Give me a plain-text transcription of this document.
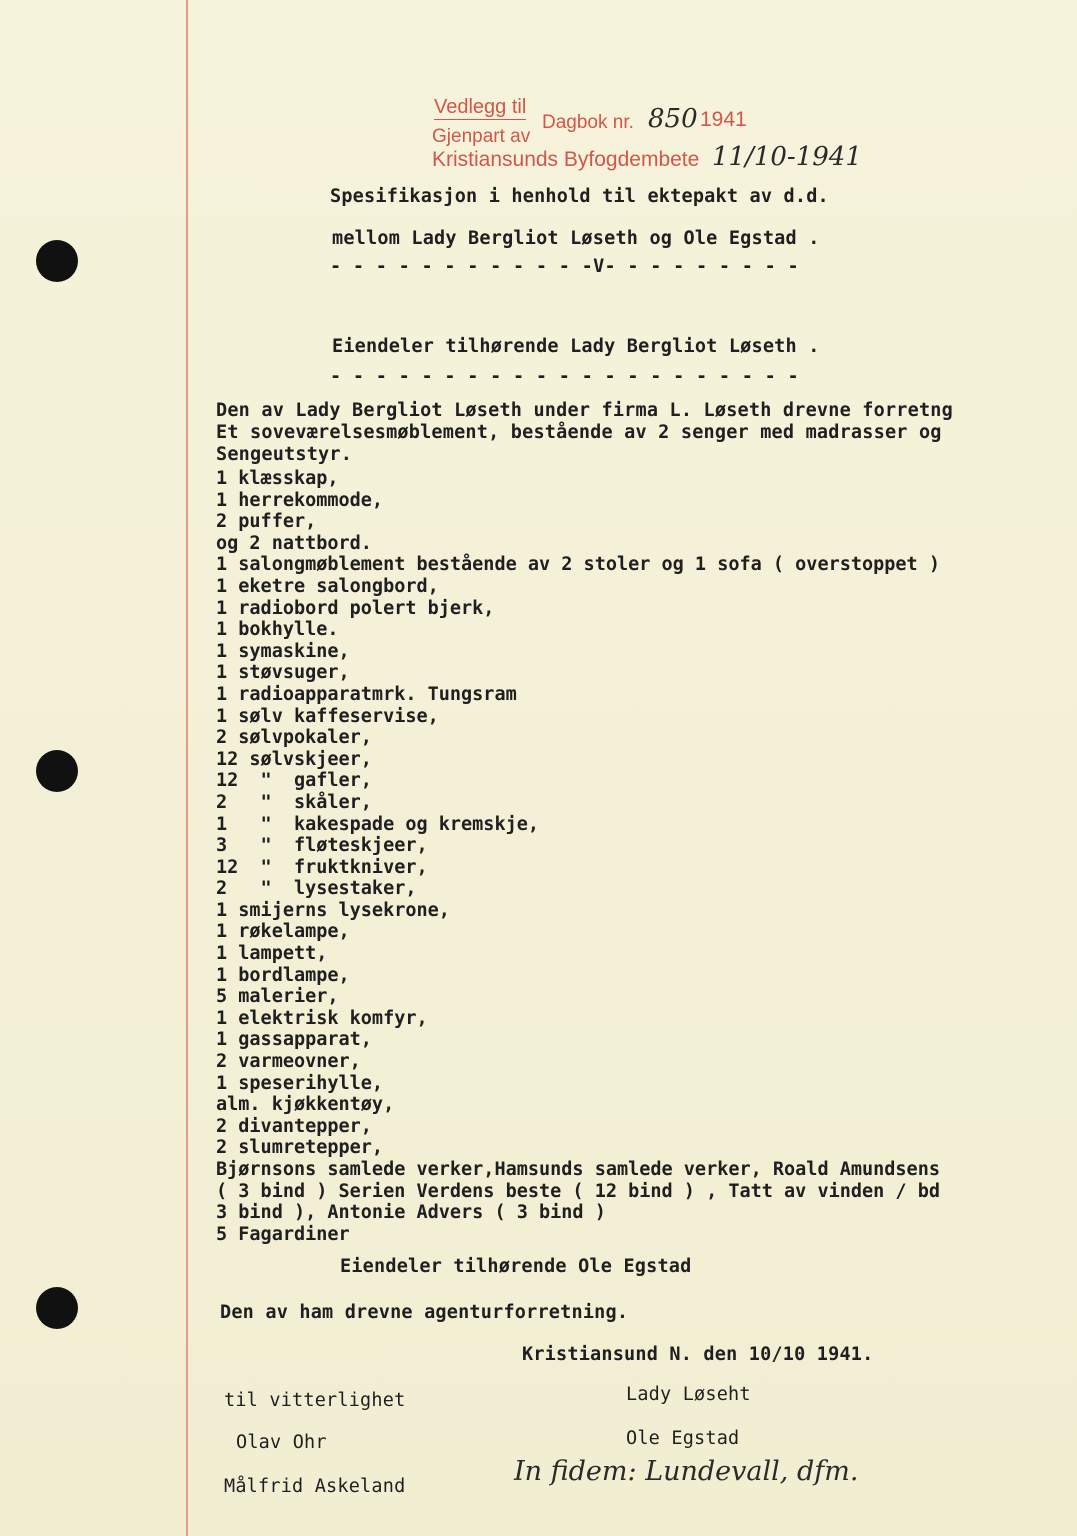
Vedlegg til
Dagbok nr. 850 1941
Gjenpart av
Kristiansunds Byfogdembete 11/10-1941
Spesifikasjon i henhold til ektepakt av d.d.
mellom Lady Bergliot Løseth og Ole Egstad .
- - - - - - - - - - - -V- - - - - - - - -
Eiendeler tilhørende Lady Bergliot Løseth .
- - - - - - - - - - - - - - - - - - - - -
Den av Lady Bergliot Løseth under firma L. Løseth drevne forretng
Et soveværelsesmøblement, bestående av 2 senger med madrasser og
Sengeutstyr.
1 klæsskap,
1 herrekommode,
2 puffer,
og 2 nattbord.
1 salongmøblement bestående av 2 stoler og 1 sofa ( overstoppet )
1 eketre salongbord,
1 radiobord polert bjerk,
1 bokhylle.
1 symaskine,
1 støvsuger,
1 radioapparatmrk. Tungsram
1 sølv kaffeservise,
2 sølvpokaler,
12 sølvskjeer,
12  "  gafler,
2   "  skåler,
1   "  kakespade og kremskje,
3   "  fløteskjeer,
12  "  fruktkniver,
2   "  lysestaker,
1 smijerns lysekrone,
1 røkelampe,
1 lampett,
1 bordlampe,
5 malerier,
1 elektrisk komfyr,
1 gassapparat,
2 varmeovner,
1 speserihylle,
alm. kjøkkentøy,
2 divantepper,
2 slumretepper,
Bjørnsons samlede verker,Hamsunds samlede verker, Roald Amundsens
( 3 bind ) Serien Verdens beste ( 12 bind ) , Tatt av vinden / bd
3 bind ), Antonie Advers ( 3 bind )
5 Fagardiner
Eiendeler tilhørende Ole Egstad
Den av ham drevne agenturforretning.
Kristiansund N. den 10/10 1941.
til vitterlighet	Lady Løseht
Olav Ohr	Ole Egstad
Målfrid Askeland	In fidem: Lundevall, dfm.
